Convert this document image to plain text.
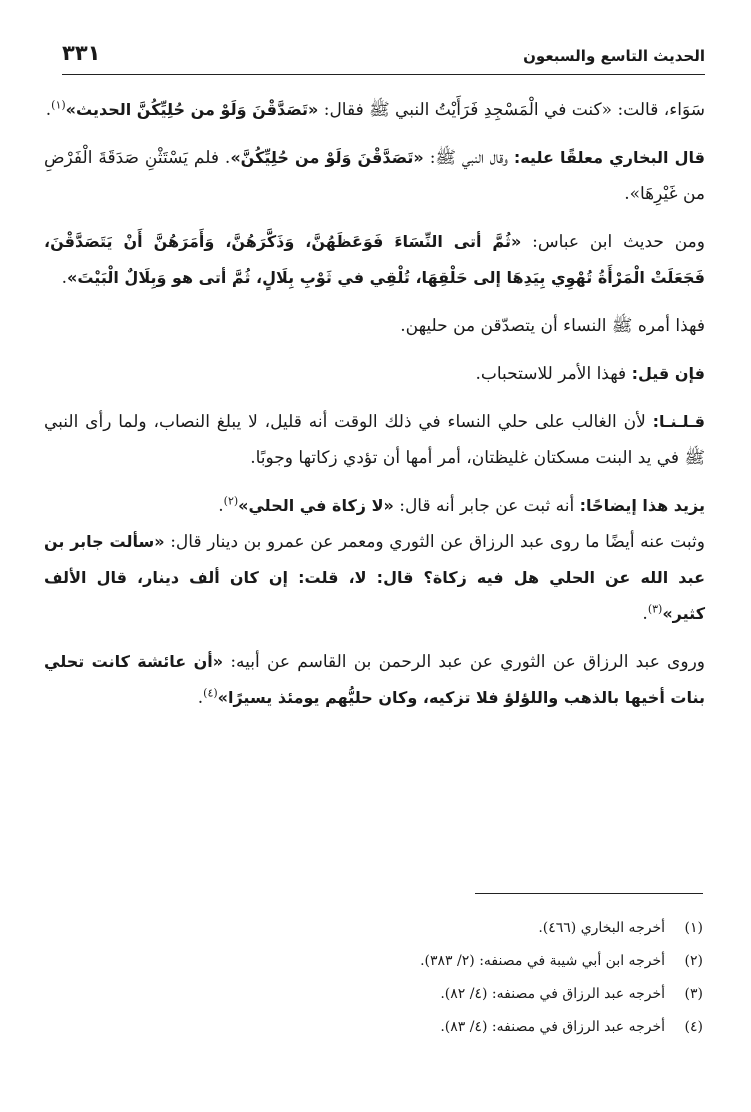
الحديث التاسع والسبعون
٣٣١

سَوَاء، قالت: «كنت في الْمَسْجِدِ فَرَأَيْتُ النبي ﷺ فقال: «تَصَدَّقْنَ وَلَوْ من حُلِيِّكُنَّ الحديث»$^{(١)}$.

قال البخاري معلقًا عليه: وقال النبي ﷺ: «تَصَدَّقْنَ وَلَوْ من حُلِيِّكُنَّ». فلم يَسْتَثْنِ صَدَقَةَ الْفَرْضِ من غَيْرِهَا».

ومن حديث ابن عباس: «ثُمَّ أتى النِّسَاءَ فَوَعَظَهُنَّ، وَذَكَّرَهُنَّ، وَأَمَرَهُنَّ أَنْ يَتَصَدَّقْنَ، فَجَعَلَتْ الْمَرْأَةُ تُهْوِي بِيَدِهَا إلى حَلْقِهَا، تُلْقِي في ثَوْبِ بِلَالٍ، ثُمَّ أتى هو وَبِلَالٌ الْبَيْتَ».

فهذا أمره ﷺ النساء أن يتصدّقن من حليهن.

فإن قيل: فهذا الأمر للاستحباب.

قـلـنـا: لأن الغالب على حلي النساء في ذلك الوقت أنه قليل، لا يبلغ النصاب، ولما رأى النبي ﷺ في يد البنت مسكتان غليظتان، أمر أمها أن تؤدي زكاتها وجوبًا.

يزيد هذا إيضاحًا: أنه ثبت عن جابر أنه قال: «لا زكاة في الحلي»$^{(٢)}$.

وثبت عنه أيضًا ما روى عبد الرزاق عن الثوري ومعمر عن عمرو بن دينار قال: «سألت جابر بن عبد الله عن الحلي هل فيه زكاة؟ قال: لا، قلت: إن كان ألف دينار، قال الألف كثير»$^{(٣)}$.

وروى عبد الرزاق عن الثوري عن عبد الرحمن بن القاسم عن أبيه: «أن عائشة كانت تحلي بنات أخيها بالذهب واللؤلؤ فلا تزكيه، وكان حليُّهم يومئذ يسيرًا»$^{(٤)}$.

(١)
أخرجه البخاري (٤٦٦).
(٢)
أخرجه ابن أبي شيبة في مصنفه: (٢/ ٣٨٣).
(٣)
أخرجه عبد الرزاق في مصنفه: (٤/ ٨٢).
(٤)
أخرجه عبد الرزاق في مصنفه: (٤/ ٨٣).
